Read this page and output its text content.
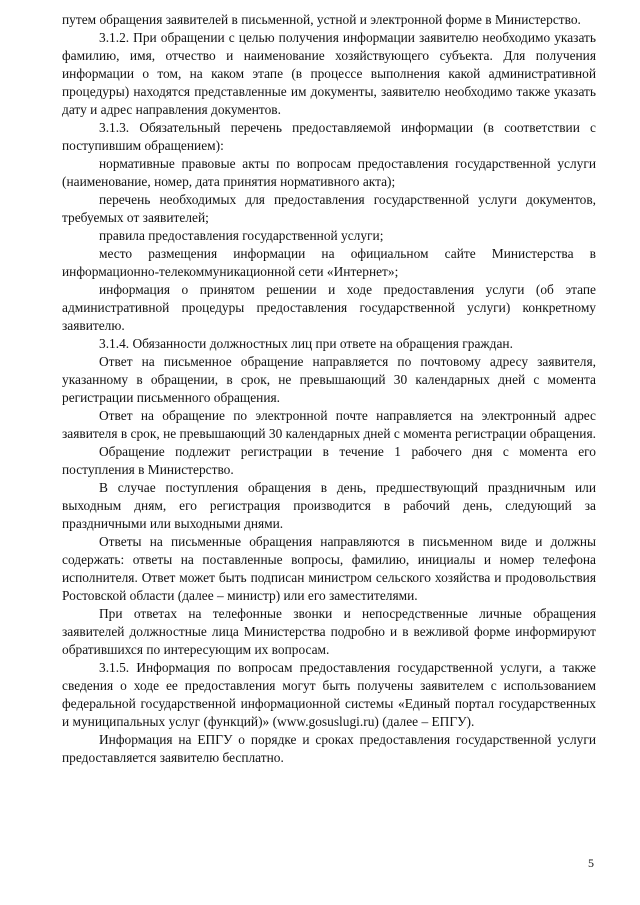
путем обращения заявителей в письменной, устной и электронной форме в Министерство.

3.1.2. При обращении с целью получения информации заявителю необходимо указать фамилию, имя, отчество и наименование хозяйствующего субъекта. Для получения информации о том, на каком этапе (в процессе выполнения какой административной процедуры) находятся представленные им документы, заявителю необходимо также указать дату и адрес направления документов.

3.1.3. Обязательный перечень предоставляемой информации (в соответствии с поступившим обращением):

нормативные правовые акты по вопросам предоставления государственной услуги (наименование, номер, дата принятия нормативного акта);

перечень необходимых для предоставления государственной услуги документов, требуемых от заявителей;

правила предоставления государственной услуги;

место размещения информации на официальном сайте Министерства в информационно-телекоммуникационной сети «Интернет»;

информация о принятом решении и ходе предоставления услуги (об этапе административной процедуры предоставления государственной услуги) конкретному заявителю.

3.1.4. Обязанности должностных лиц при ответе на обращения граждан.

Ответ на письменное обращение направляется по почтовому адресу заявителя, указанному в обращении, в срок, не превышающий 30 календарных дней с момента регистрации письменного обращения.

Ответ на обращение по электронной почте направляется на электронный адрес заявителя в срок, не превышающий 30 календарных дней с момента регистрации обращения.

Обращение подлежит регистрации в течение 1 рабочего дня с момента его поступления в Министерство.

В случае поступления обращения в день, предшествующий праздничным или выходным дням, его регистрация производится в рабочий день, следующий за праздничными или выходными днями.

Ответы на письменные обращения направляются в письменном виде и должны содержать: ответы на поставленные вопросы, фамилию, инициалы и номер телефона исполнителя. Ответ может быть подписан министром сельского хозяйства и продовольствия Ростовской области (далее – министр) или его заместителями.

При ответах на телефонные звонки и непосредственные личные обращения заявителей должностные лица Министерства подробно и в вежливой форме информируют обратившихся по интересующим их вопросам.

3.1.5. Информация по вопросам предоставления государственной услуги, а также сведения о ходе ее предоставления могут быть получены заявителем с использованием федеральной государственной информационной системы «Единый портал государственных и муниципальных услуг (функций)» (www.gosuslugi.ru) (далее – ЕПГУ).

Информация на ЕПГУ о порядке и сроках предоставления государственной услуги предоставляется заявителю бесплатно.

5
